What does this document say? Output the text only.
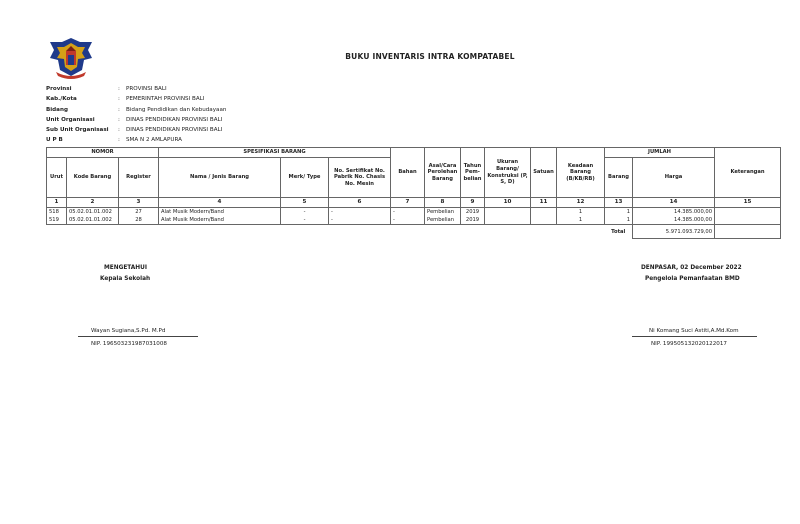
BUKU INVENTARIS INTRA KOMPATABEL
Provinsi	:	PROVINSI BALI
Kab./Kota	:	PEMERINTAH PROVINSI BALI
Bidang	:	Bidang Pendidikan dan Kebudayaan
Unit Organisasi	:	DINAS PENDIDIKAN PROVINSI BALI
Sub Unit Organisasi	:	DINAS PENDIDIKAN PROVINSI BALI
U P B	:	SMA N 2 AMLAPURA
NOMOR			SPESIFIKASI BARANG			Bahan	Asal/Cara Perolehan Barang	Tahun Pem- belian	Ukuran Barang/ Konstruksi (P, S, D)	Satuan	Keadaan Barang (B/KB/RB)	JUMLAH		Keterangan
Urut	Kode Barang	Register	Nama / Jenis Barang	Merk/ Type	No. Sertifikat No. Pabrik No. Chasis No. Mesin							Barang	Harga	
1	2	3	4	5	6	7	8	9	10	11	12	13	14	15
518	05.02.01.01.002	27	Alat Musik Modern/Band	-	-	-	Pembelian	2019			1	1	14.385.000,00	
519	05.02.01.01.002	28	Alat Musik Modern/Band	-	-	-	Pembelian	2019			1	1	14.385.000,00	
												Total	5.971.093.729,00	
MENGETAHUI
Kepala Sekolah
Wayan Sugiana,S.Pd. M.Pd
NIP. 196503231987031008
DENPASAR, 02 December 2022
Pengelola Pemanfaatan BMD
Ni Komang Suci Astiti,A.Md.Kom
NIP. 199505132020122017
